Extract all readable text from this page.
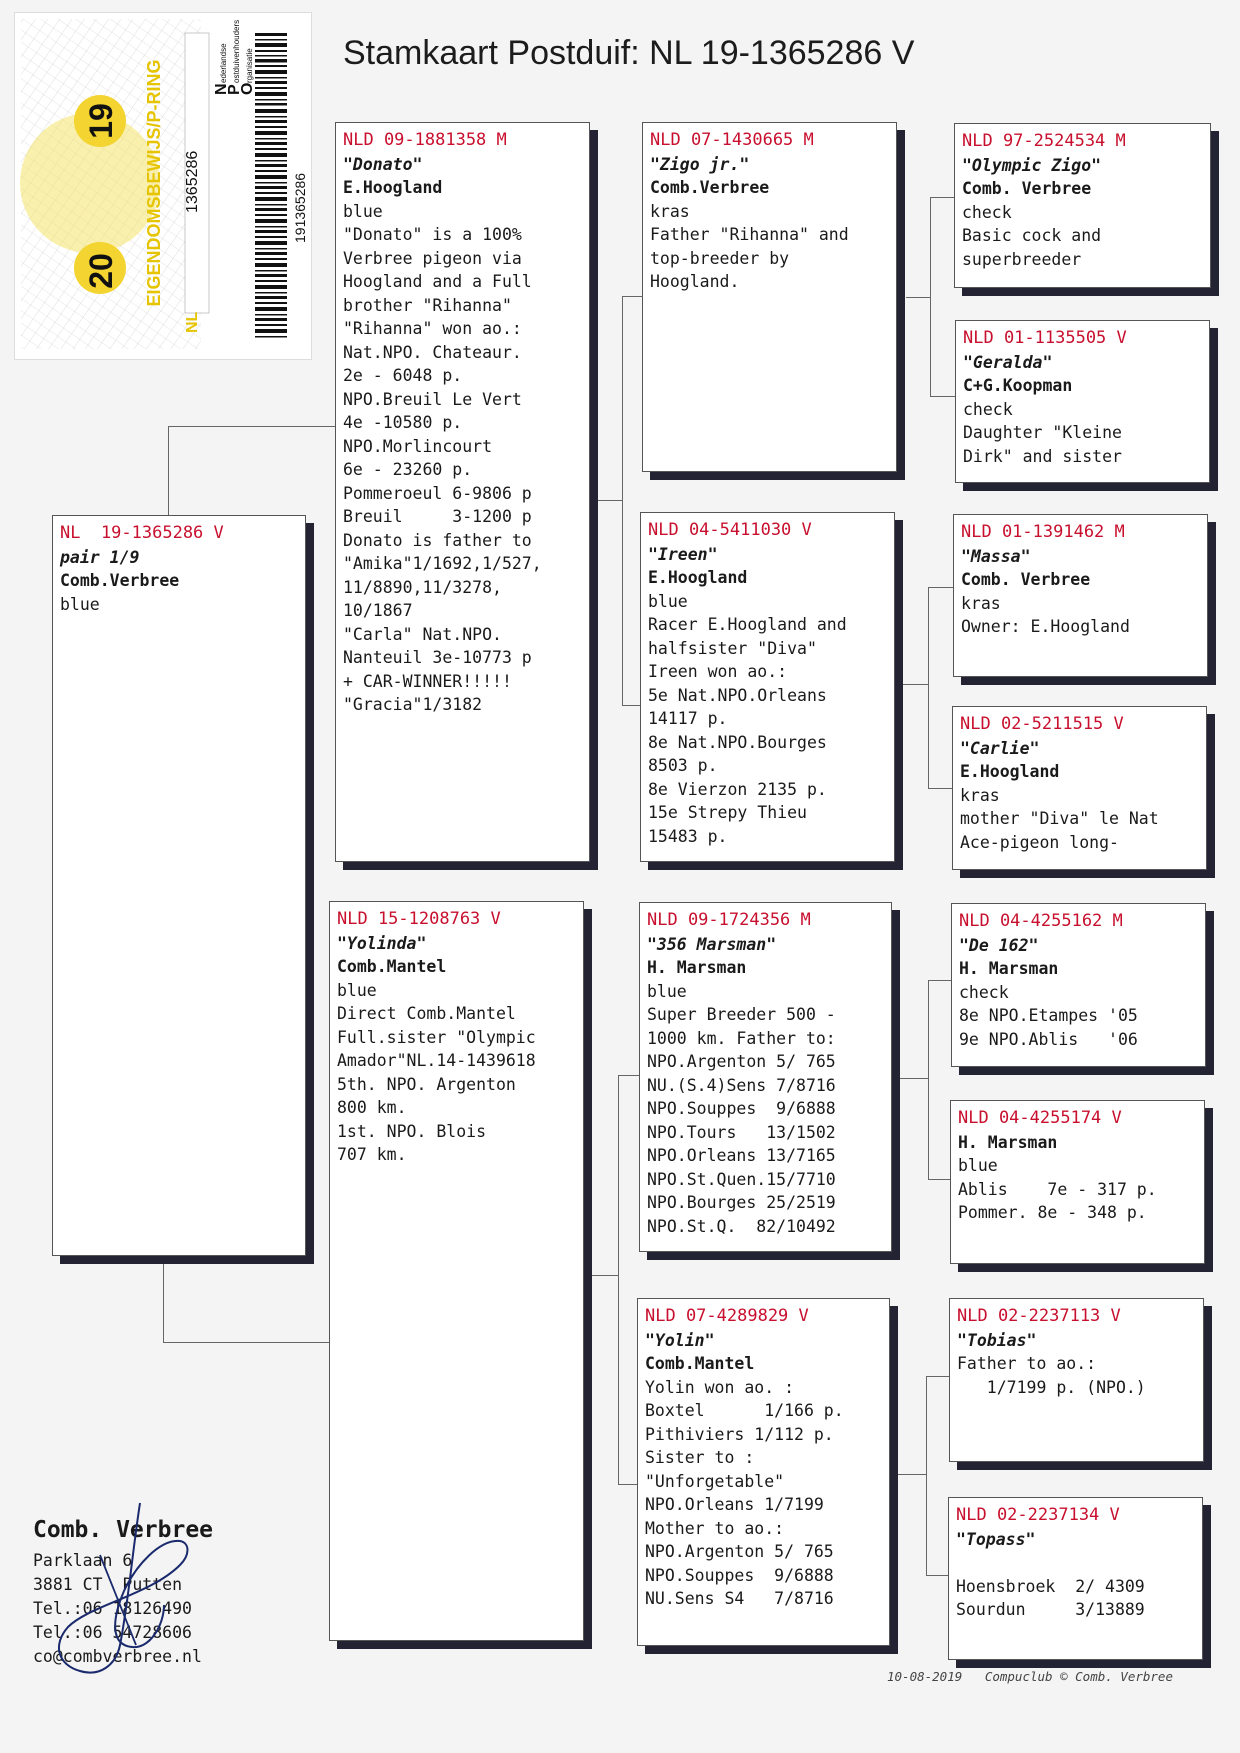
Stamkaart Postduif: NL 19-1365286 V
20
19 EIGENDOMSBEWIJS/P-RING
NL
1365286	191365286
N
ederlandse
P
ostduivenhouders
O
rganisatie
NL  19-1365286 V
pair 1/9
Comb.Verbree
blue
NLD 09-1881358 M
"Donato"
E.Hoogland
blue
"Donato" is a 100%
Verbree pigeon via
Hoogland and a Full
brother "Rihanna"
"Rihanna" won ao.:
Nat.NPO. Chateaur.
2e - 6048 p.
NPO.Breuil Le Vert
4e -10580 p.
NPO.Morlincourt
6e - 23260 p.
Pommeroeul 6-9806 p
Breuil     3-1200 p
Donato is father to
"Amika"1/1692,1/527,
11/8890,11/3278,
10/1867
"Carla" Nat.NPO.
Nanteuil 3e-10773 p
+ CAR-WINNER!!!!!
"Gracia"1/3182
NLD 15-1208763 V
"Yolinda"
Comb.Mantel
blue
Direct Comb.Mantel
Full.sister "Olympic
Amador"NL.14-1439618
5th. NPO. Argenton
800 km.
1st. NPO. Blois
707 km.
NLD 07-1430665 M
"Zigo jr."
Comb.Verbree
kras
Father "Rihanna" and
top-breeder by
Hoogland.
NLD 04-5411030 V
"Ireen"
E.Hoogland
blue
Racer E.Hoogland and
halfsister "Diva"
Ireen won ao.:
5e Nat.NPO.Orleans
14117 p.
8e Nat.NPO.Bourges
8503 p.
8e Vierzon 2135 p.
15e Strepy Thieu
15483 p.
NLD 09-1724356 M
"356 Marsman"
H. Marsman
blue
Super Breeder 500 -
1000 km. Father to:
NPO.Argenton 5/ 765
NU.(S.4)Sens 7/8716
NPO.Souppes  9/6888
NPO.Tours   13/1502
NPO.Orleans 13/7165
NPO.St.Quen.15/7710
NPO.Bourges 25/2519
NPO.St.Q.  82/10492
NLD 07-4289829 V
"Yolin"
Comb.Mantel
Yolin won ao. :
Boxtel      1/166 p.
Pithiviers 1/112 p.
Sister to :
"Unforgetable"
NPO.Orleans 1/7199
Mother to ao.:
NPO.Argenton 5/ 765
NPO.Souppes  9/6888
NU.Sens S4   7/8716
NLD 97-2524534 M
"Olympic Zigo"
Comb. Verbree
check
Basic cock and
superbreeder
NLD 01-1135505 V
"Geralda"
C+G.Koopman
check
Daughter "Kleine
Dirk" and sister
NLD 01-1391462 M
"Massa"
Comb. Verbree
kras
Owner: E.Hoogland
NLD 02-5211515 V
"Carlie"
E.Hoogland
kras
mother "Diva" le Nat
Ace-pigeon long-
NLD 04-4255162 M
"De 162"
H. Marsman
check
8e NPO.Etampes '05
9e NPO.Ablis   '06
NLD 04-4255174 V
H. Marsman
blue
Ablis    7e - 317 p.
Pommer. 8e - 348 p.
NLD 02-2237113 V
"Tobias"
Father to ao.:
1/7199 p. (NPO.)
NLD 02-2237134 V
"Topass"

Hoensbroek  2/ 4309
Sourdun     3/13889
Comb. Verbree
Parklaan 6
3881 CT  Putten
Tel.:06 18126490
Tel.:06 54728606
co@combverbree.nl
10-08-2019   Compuclub © Comb. Verbree
